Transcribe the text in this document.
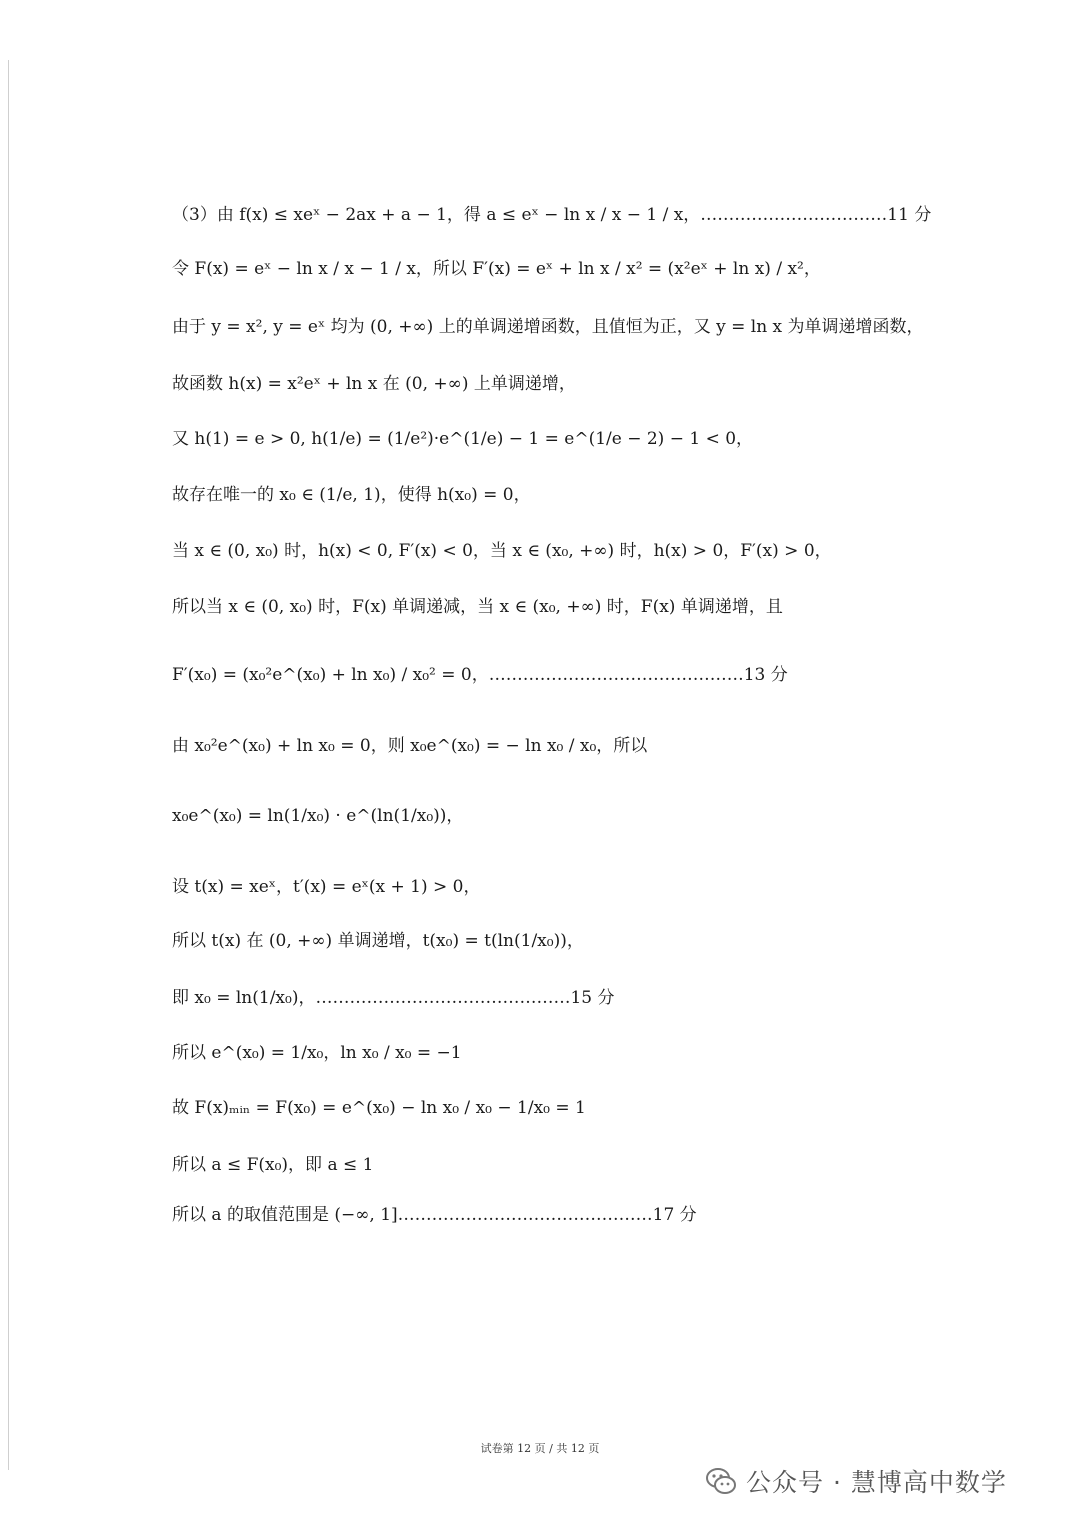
（3）由 f(x) ≤ xeˣ − 2ax + a − 1，得 a ≤ eˣ − ln x / x − 1 / x，……………………………11 分
令 F(x) = eˣ − ln x / x − 1 / x，所以 F′(x) = eˣ + ln x / x² = (x²eˣ + ln x) / x²，
由于 y = x², y = eˣ 均为 (0, +∞) 上的单调递增函数，且值恒为正，又 y = ln x 为单调递增函数，
故函数 h(x) = x²eˣ + ln x 在 (0, +∞) 上单调递增，
又 h(1) = e > 0, h(1/e) = (1/e²)·e^(1/e) − 1 = e^(1/e − 2) − 1 < 0，
故存在唯一的 x₀ ∈ (1/e, 1)，使得 h(x₀) = 0，
当 x ∈ (0, x₀) 时，h(x) < 0, F′(x) < 0，当 x ∈ (x₀, +∞) 时，h(x) > 0，F′(x) > 0，
所以当 x ∈ (0, x₀) 时，F(x) 单调递减，当 x ∈ (x₀, +∞) 时，F(x) 单调递增，且
F′(x₀) = (x₀²e^(x₀) + ln x₀) / x₀² = 0，………………………………………13 分
由 x₀²e^(x₀) + ln x₀ = 0，则 x₀e^(x₀) = − ln x₀ / x₀，所以
x₀e^(x₀) = ln(1/x₀) · e^(ln(1/x₀))，
设 t(x) = xeˣ，t′(x) = eˣ(x + 1) > 0，
所以 t(x) 在 (0, +∞) 单调递增，t(x₀) = t(ln(1/x₀))，
即 x₀ = ln(1/x₀)，………………………………………15 分
所以 e^(x₀) = 1/x₀，ln x₀ / x₀ = −1
故 F(x)ₘᵢₙ = F(x₀) = e^(x₀) − ln x₀ / x₀ − 1/x₀ = 1
所以 a ≤ F(x₀)，即 a ≤ 1
所以 a 的取值范围是 (−∞, 1]………………………………………17 分
试卷第 12 页 / 共 12 页
公众号 · 慧博高中数学
